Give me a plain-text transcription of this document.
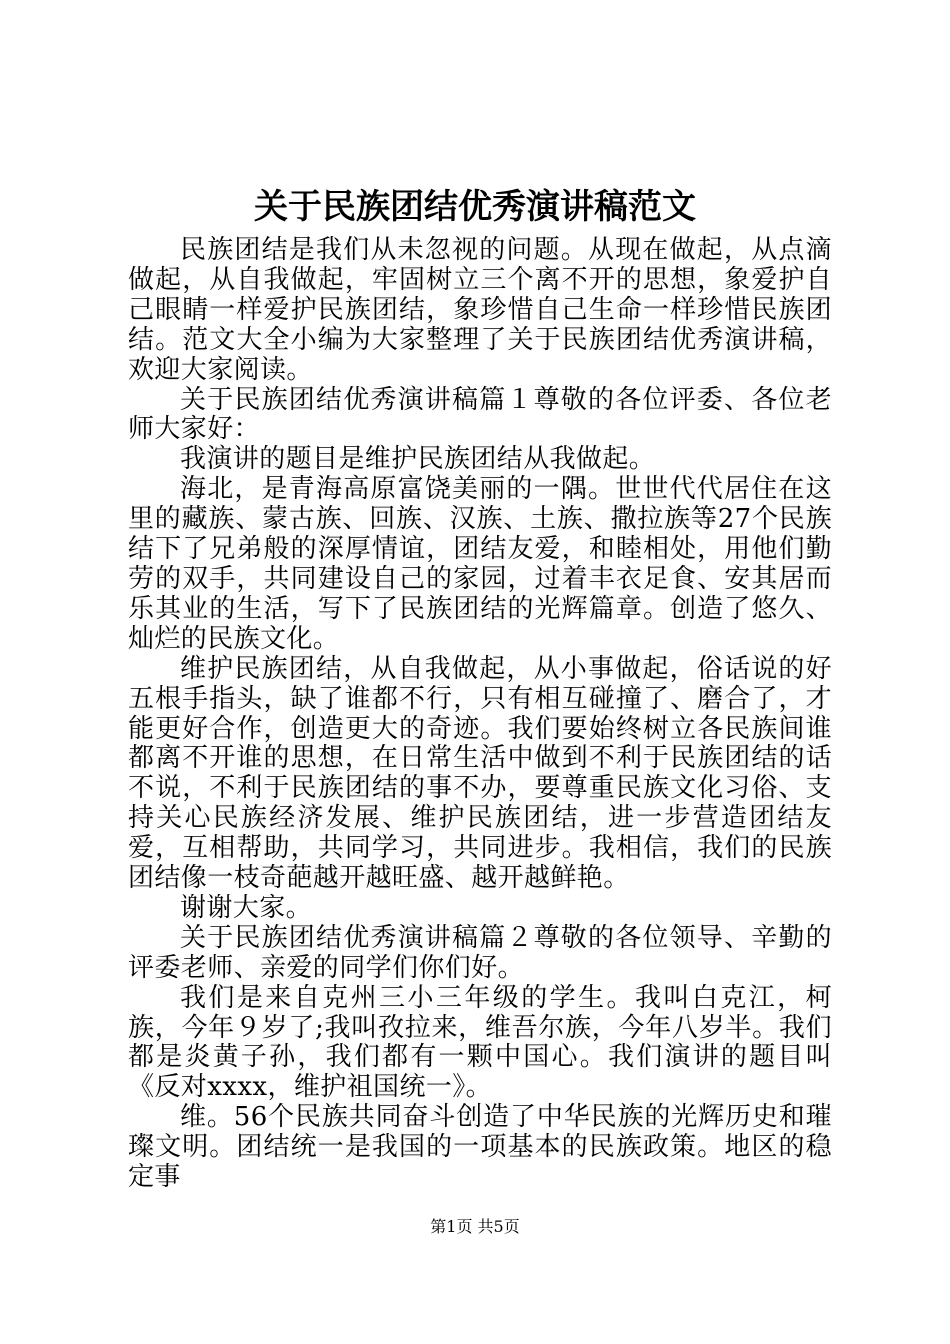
关于民族团结优秀演讲稿范文

民族团结是我们从未忽视的问题。从现在做起，从点滴做起，从自我做起，牢固树立三个离不开的思想，象爱护自己眼睛一样爱护民族团结，象珍惜自己生命一样珍惜民族团结。范文大全小编为大家整理了关于民族团结优秀演讲稿，欢迎大家阅读。

关于民族团结优秀演讲稿篇１尊敬的各位评委、各位老师大家好：

我演讲的题目是维护民族团结从我做起。

海北，是青海高原富饶美丽的一隅。世世代代居住在这里的藏族、蒙古族、回族、汉族、土族、撒拉族等27个民族结下了兄弟般的深厚情谊，团结友爱，和睦相处，用他们勤劳的双手，共同建设自己的家园，过着丰衣足食、安其居而乐其业的生活，写下了民族团结的光辉篇章。创造了悠久、灿烂的民族文化。

维护民族团结，从自我做起，从小事做起，俗话说的好五根手指头，缺了谁都不行，只有相互碰撞了、磨合了，才能更好合作，创造更大的奇迹。我们要始终树立各民族间谁都离不开谁的思想，在日常生活中做到不利于民族团结的话不说，不利于民族团结的事不办，要尊重民族文化习俗、支持关心民族经济发展、维护民族团结，进一步营造团结友爱，互相帮助，共同学习，共同进步。我相信，我们的民族团结像一枝奇葩越开越旺盛、越开越鲜艳。

谢谢大家。

关于民族团结优秀演讲稿篇２尊敬的各位领导、辛勤的评委老师、亲爱的同学们你们好。

我们是来自克州三小三年级的学生。我叫白克江，柯族，今年９岁了;我叫孜拉来，维吾尔族，今年八岁半。我们都是炎黄子孙，我们都有一颗中国心。我们演讲的题目叫《反对xxxx，维护祖国统一》。

维。56个民族共同奋斗创造了中华民族的光辉历史和璀璨文明。团结统一是我国的一项基本的民族政策。地区的稳定事

第1页 共5页
